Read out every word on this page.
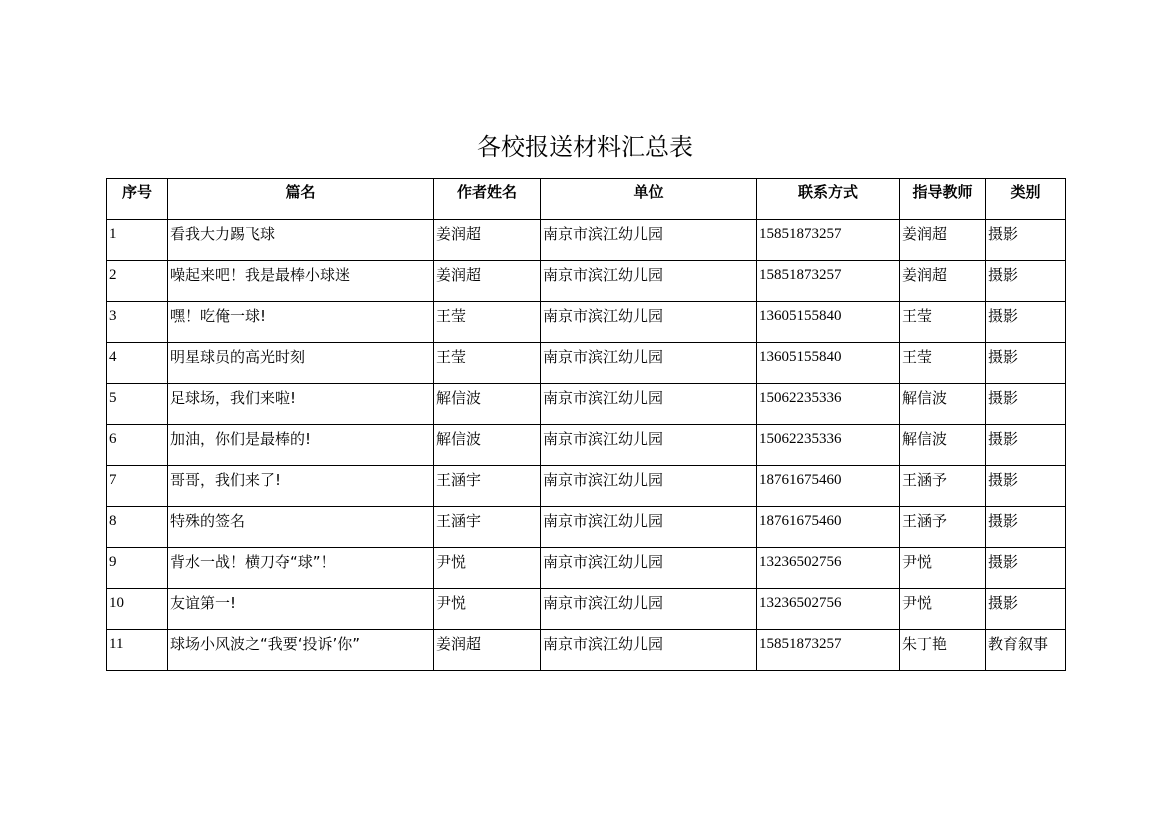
各校报送材料汇总表
序号	篇名	作者姓名	单位	联系方式	指导教师	类别
1	看我大力踢飞球	姜润超	南京市滨江幼儿园	15851873257	姜润超	摄影
2	噪起来吧！我是最棒小球迷	姜润超	南京市滨江幼儿园	15851873257	姜润超	摄影
3	嘿！吃俺一球!	王莹	南京市滨江幼儿园	13605155840	王莹	摄影
4	明星球员的高光时刻	王莹	南京市滨江幼儿园	13605155840	王莹	摄影
5	足球场，我们来啦!	解信波	南京市滨江幼儿园	15062235336	解信波	摄影
6	加油，你们是最棒的!	解信波	南京市滨江幼儿园	15062235336	解信波	摄影
7	哥哥，我们来了!	王涵宇	南京市滨江幼儿园	18761675460	王涵予	摄影
8	特殊的签名	王涵宇	南京市滨江幼儿园	18761675460	王涵予	摄影
9	背水一战！横刀夺“球”！	尹悦	南京市滨江幼儿园	13236502756	尹悦	摄影
10	友谊第一!	尹悦	南京市滨江幼儿园	13236502756	尹悦	摄影
11	球场小风波之“我要‘投诉’你”	姜润超	南京市滨江幼儿园	15851873257	朱丁艳	教育叙事
